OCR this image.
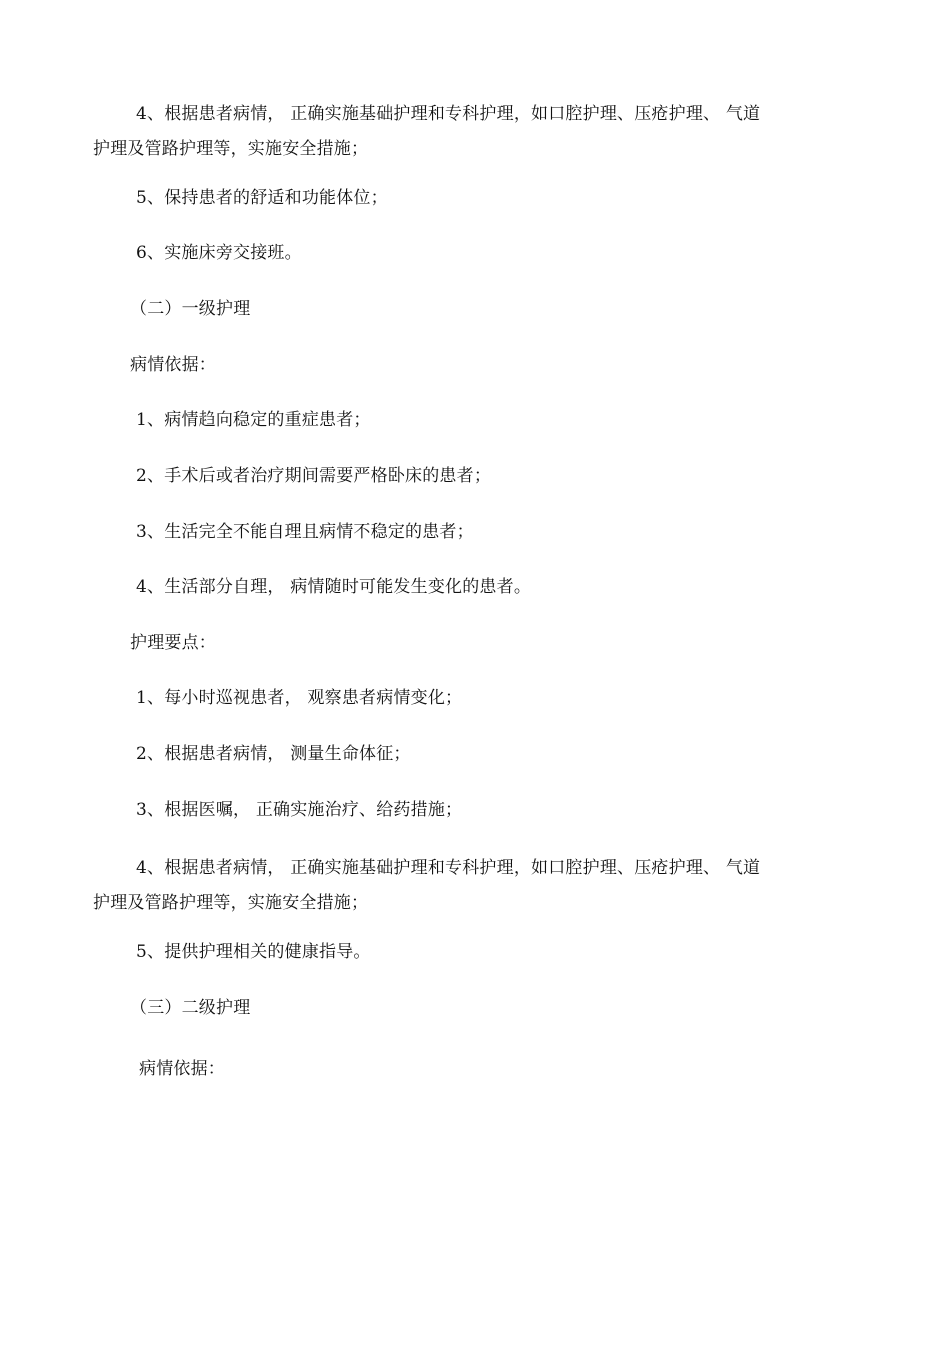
4、根据患者病情， 正确实施基础护理和专科护理，如口腔护理、压疮护理、 气道
护理及管路护理等，实施安全措施；
5、保持患者的舒适和功能体位；
6、实施床旁交接班。
（二）一级护理
病情依据：
1、病情趋向稳定的重症患者；
2、手术后或者治疗期间需要严格卧床的患者；
3、生活完全不能自理且病情不稳定的患者；
4、生活部分自理， 病情随时可能发生变化的患者。
护理要点：
1、每小时巡视患者， 观察患者病情变化；
2、根据患者病情， 测量生命体征；
3、根据医嘱， 正确实施治疗、给药措施；
4、根据患者病情， 正确实施基础护理和专科护理，如口腔护理、压疮护理、 气道
护理及管路护理等，实施安全措施；
5、提供护理相关的健康指导。
（三）二级护理
病情依据：
